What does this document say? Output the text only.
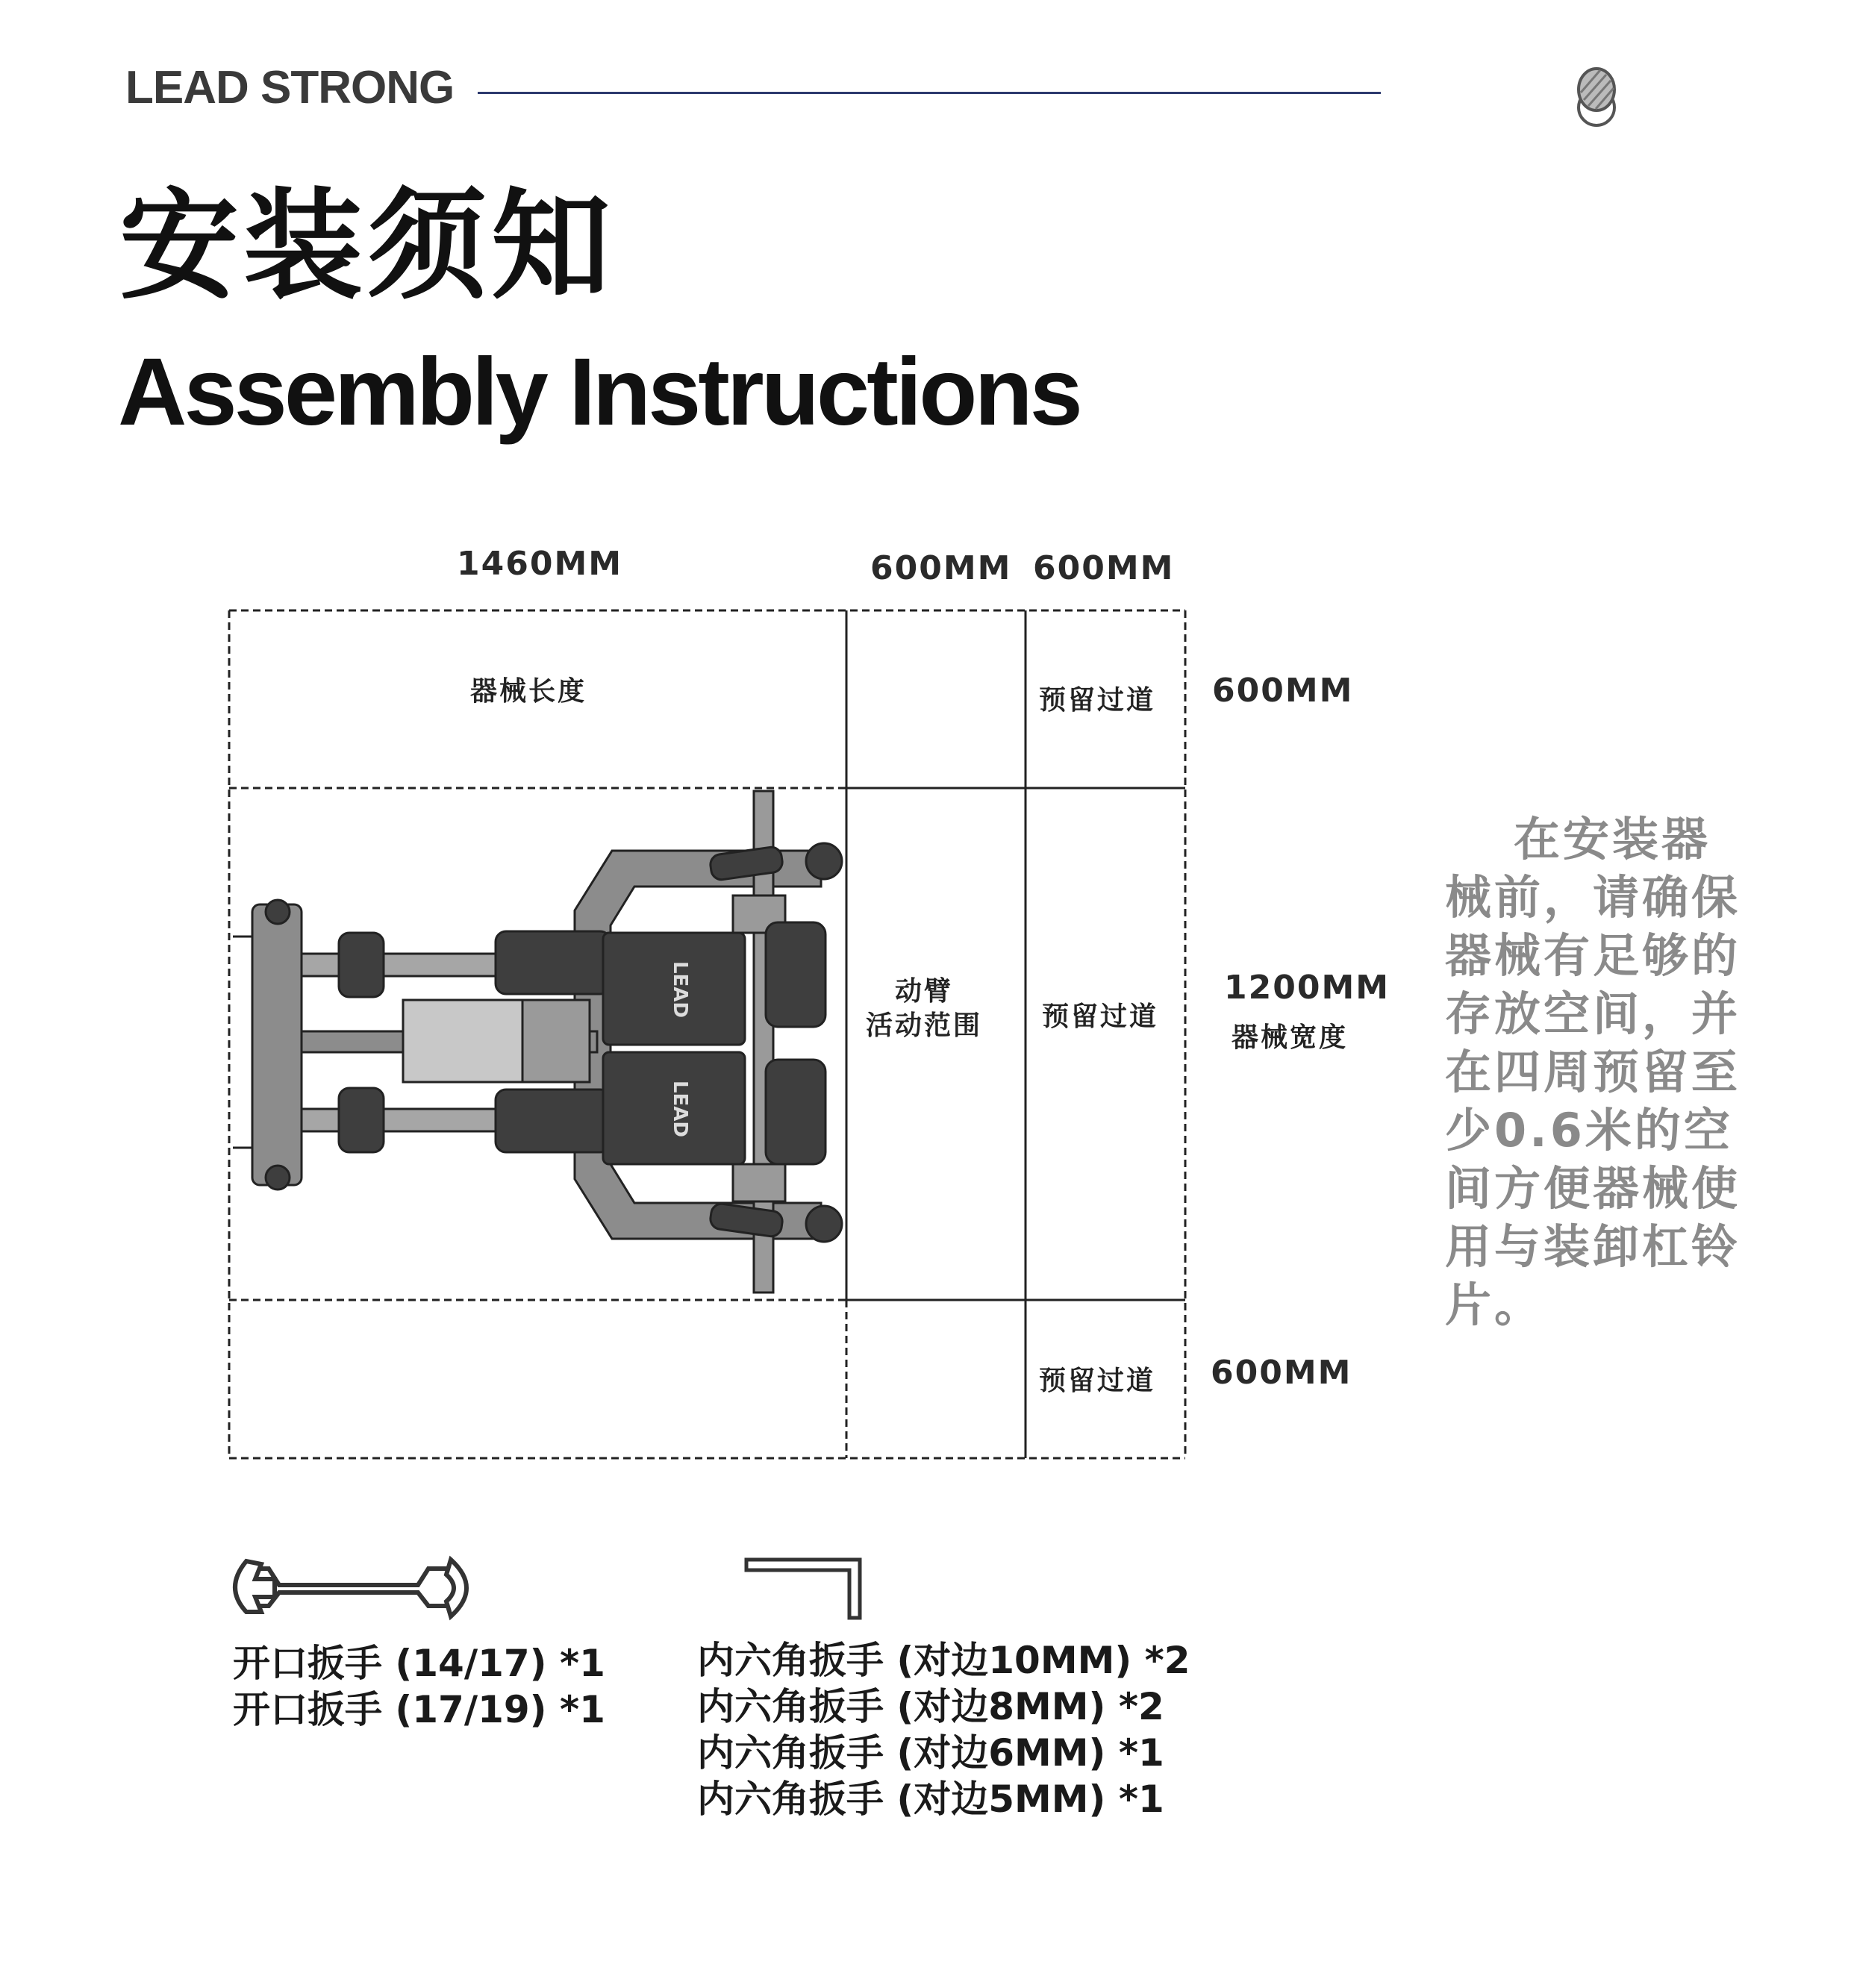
LEAD STRONG
安装须知
Assembly Instructions
1460MM	600MM 600MM
600MM
1200MM
器械宽度
600MM
器械长度
动臂
活动范围
预留过道
预留过道
预留过道
LEAD
LEAD
在安装器械前，请确保器械有足够的存放空间，并在四周预留至少0.6米的空间方便器械使用与装卸杠铃片。
开口扳手 (14/17) *1
开口扳手 (17/19) *1
内六角扳手 (对边10MM) *2
内六角扳手 (对边8MM) *2
内六角扳手 (对边6MM) *1
内六角扳手 (对边5MM) *1
